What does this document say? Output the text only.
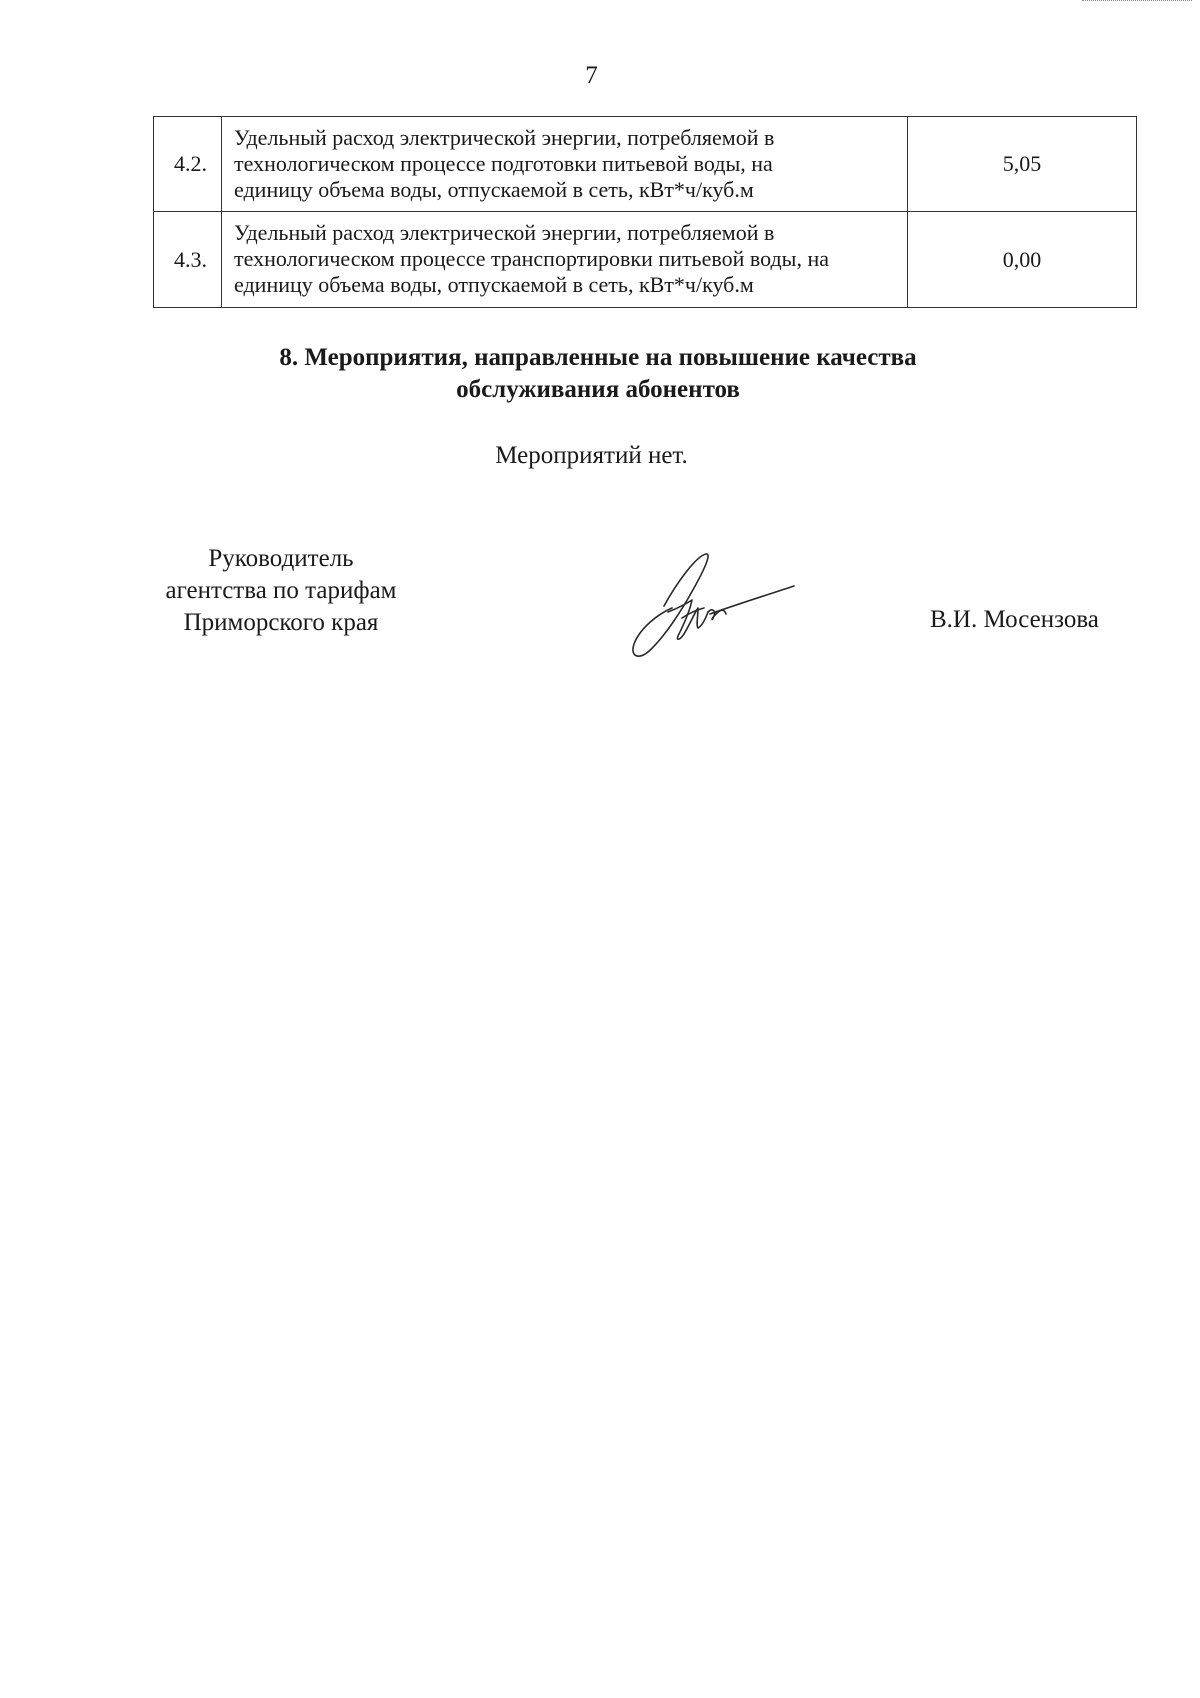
7
4.2.	Удельный расход электрической энергии, потребляемой в
технологическом процессе подготовки питьевой воды, на
единицу объема воды, отпускаемой в сеть, кВт*ч/куб.м	5,05
4.3.	Удельный расход электрической энергии, потребляемой в
технологическом процессе транспортировки питьевой воды, на
единицу объема воды, отпускаемой в сеть, кВт*ч/куб.м	0,00
8. Мероприятия, направленные на повышение качества
обслуживания абонентов
Мероприятий нет.
Руководитель
агентства по тарифам
Приморского края	В.И. Мосензова
